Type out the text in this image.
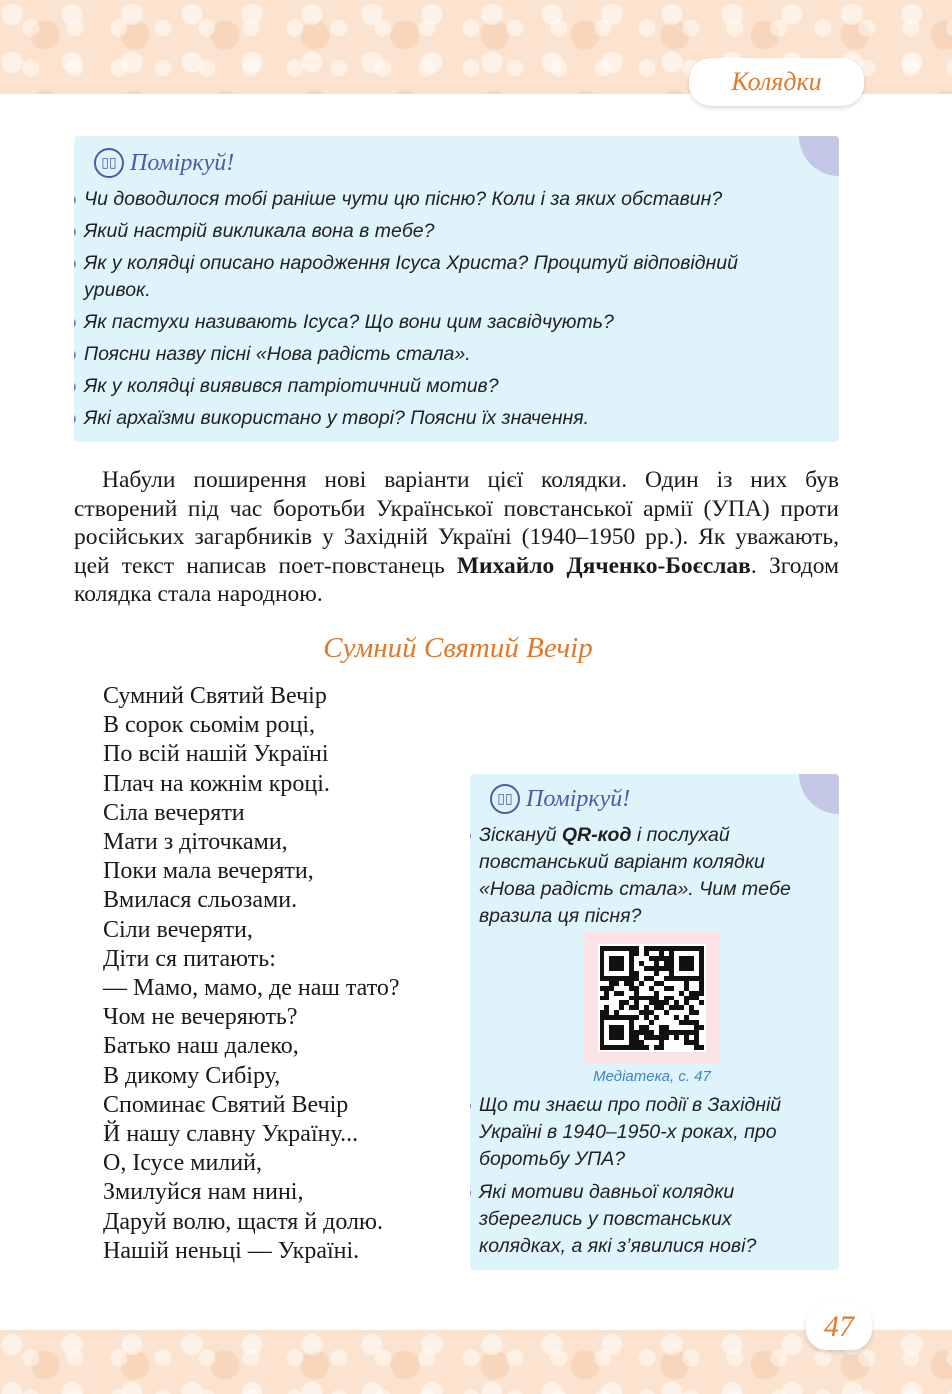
Колядки
▯▯ Поміркуй!
Чи доводилося тобі раніше чути цю пісню? Коли і за яких обставин?
Який настрій викликала вона в тебе?
Як у колядці описано народження Ісуса Христа? Процитуй відповідний уривок.
Як пастухи називають Ісуса? Що вони цим засвідчують?
Поясни назву пісні «Нова радість стала».
Як у колядці виявився патріотичний мотив?
Які архаїзми використано у творі? Поясни їх значення.

Набули поширення нові варіанти цієї колядки. Один із них був створений під час боротьби Української повстанської армії (УПА) проти російських загарбників у Західній Україні (1940–1950 рр.). Як уважають, цей текст написав поет-повстанець Михайло Дяченко-Боєслав. Згодом колядка стала народною.

Сумний Святий Вечір
Сумний Святий Вечір
В сорок сьомім році,
По всій нашій Україні
Плач на кожнім кроці.
Сіла вечеряти
Мати з діточками,
Поки мала вечеряти,
Вмилася сльозами.
Сіли вечеряти,
Діти ся питають:
— Мамо, мамо, де наш тато?
Чом не вечеряють?
Батько наш далеко,
В дикому Сибіру,
Споминає Святий Вечір
Й нашу славну Україну...
О, Ісусе милий,
Змилуйся нам нині,
Даруй волю, щастя й долю.
Нашій неньці — Україні.
▯▯ Поміркуй!
Зіскануй QR-код і послухай повстанський варіант колядки «Нова радість стала». Чим тебе вразила ця пісня?
Медіатека, с. 47
Що ти знаєш про події в Західній Україні в 1940–1950-х роках, про боротьбу УПА?
Які мотиви давньої колядки збереглись у повстанських колядках, а які з’явилися нові?
47
